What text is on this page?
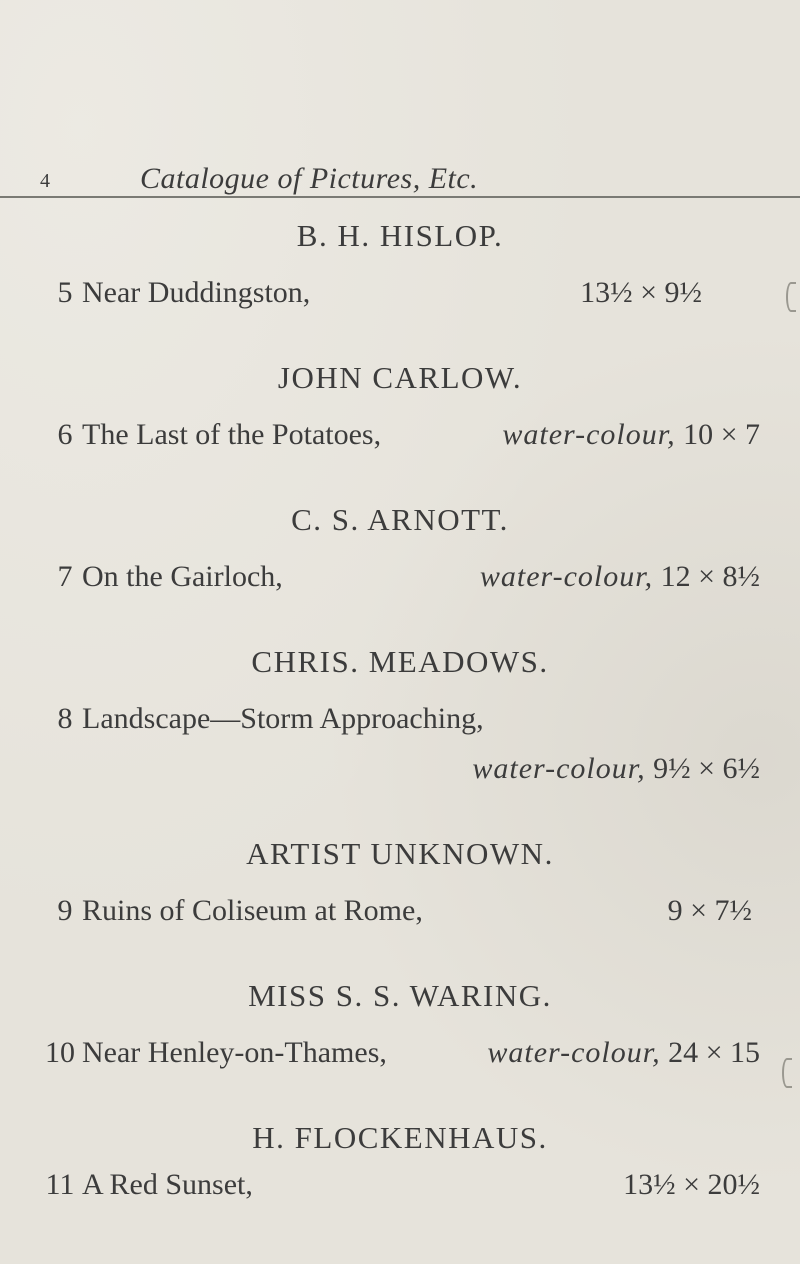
4	Catalogue of Pictures, Etc.
B. H. HISLOP.
5 Near Duddingston,	13½ × 9½
JOHN CARLOW.
6 The Last of the Potatoes,	water-colour, 10 × 7
C. S. ARNOTT.
7 On the Gairloch,	water-colour, 12 × 8½
CHRIS. MEADOWS.
8 Landscape—Storm Approaching,
water-colour, 9½ × 6½
ARTIST UNKNOWN.
9 Ruins of Coliseum at Rome,	9 × 7½
MISS S. S. WARING.
10 Near Henley-on-Thames,	water-colour, 24 × 15
H. FLOCKENHAUS.
11 A Red Sunset,	13½ × 20½
